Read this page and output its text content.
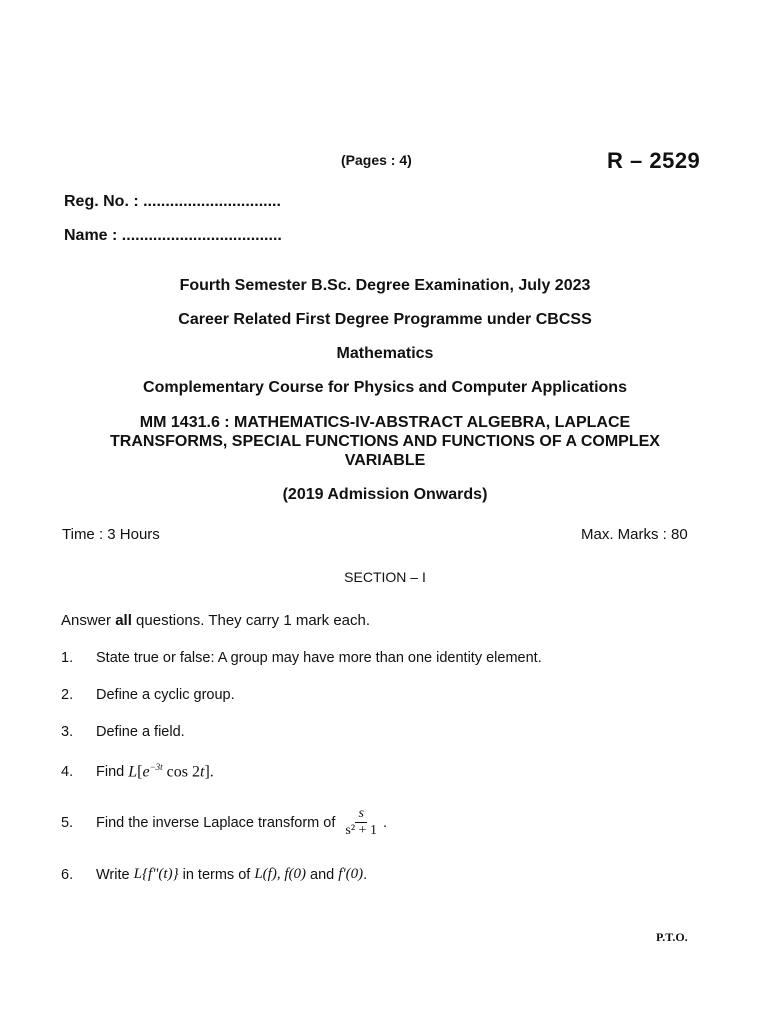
(Pages : 4)	R – 2529
Reg. No. : ...............................
Name : ....................................
Fourth Semester B.Sc. Degree Examination, July 2023
Career Related First Degree Programme under CBCSS
Mathematics
Complementary Course for Physics and Computer Applications
MM 1431.6 : MATHEMATICS-IV-ABSTRACT ALGEBRA, LAPLACE
TRANSFORMS, SPECIAL FUNCTIONS AND FUNCTIONS OF A COMPLEX
VARIABLE
(2019 Admission Onwards)
Time : 3 Hours	Max. Marks : 80
SECTION – I
Answer all questions. They carry 1 mark each.
1.	State true or false: A group may have more than one identity element.
2.	Define a cyclic group.
3.	Define a field.
4.	Find $L[e^{-3t}$ cos 2t].
5.	Find the inverse Laplace transform of $\frac{s}{\text{s² + 1}}$ .
6.	Write L{f"(t)} in terms of L(f), f(0) and f'(0) .
P.T.O.
